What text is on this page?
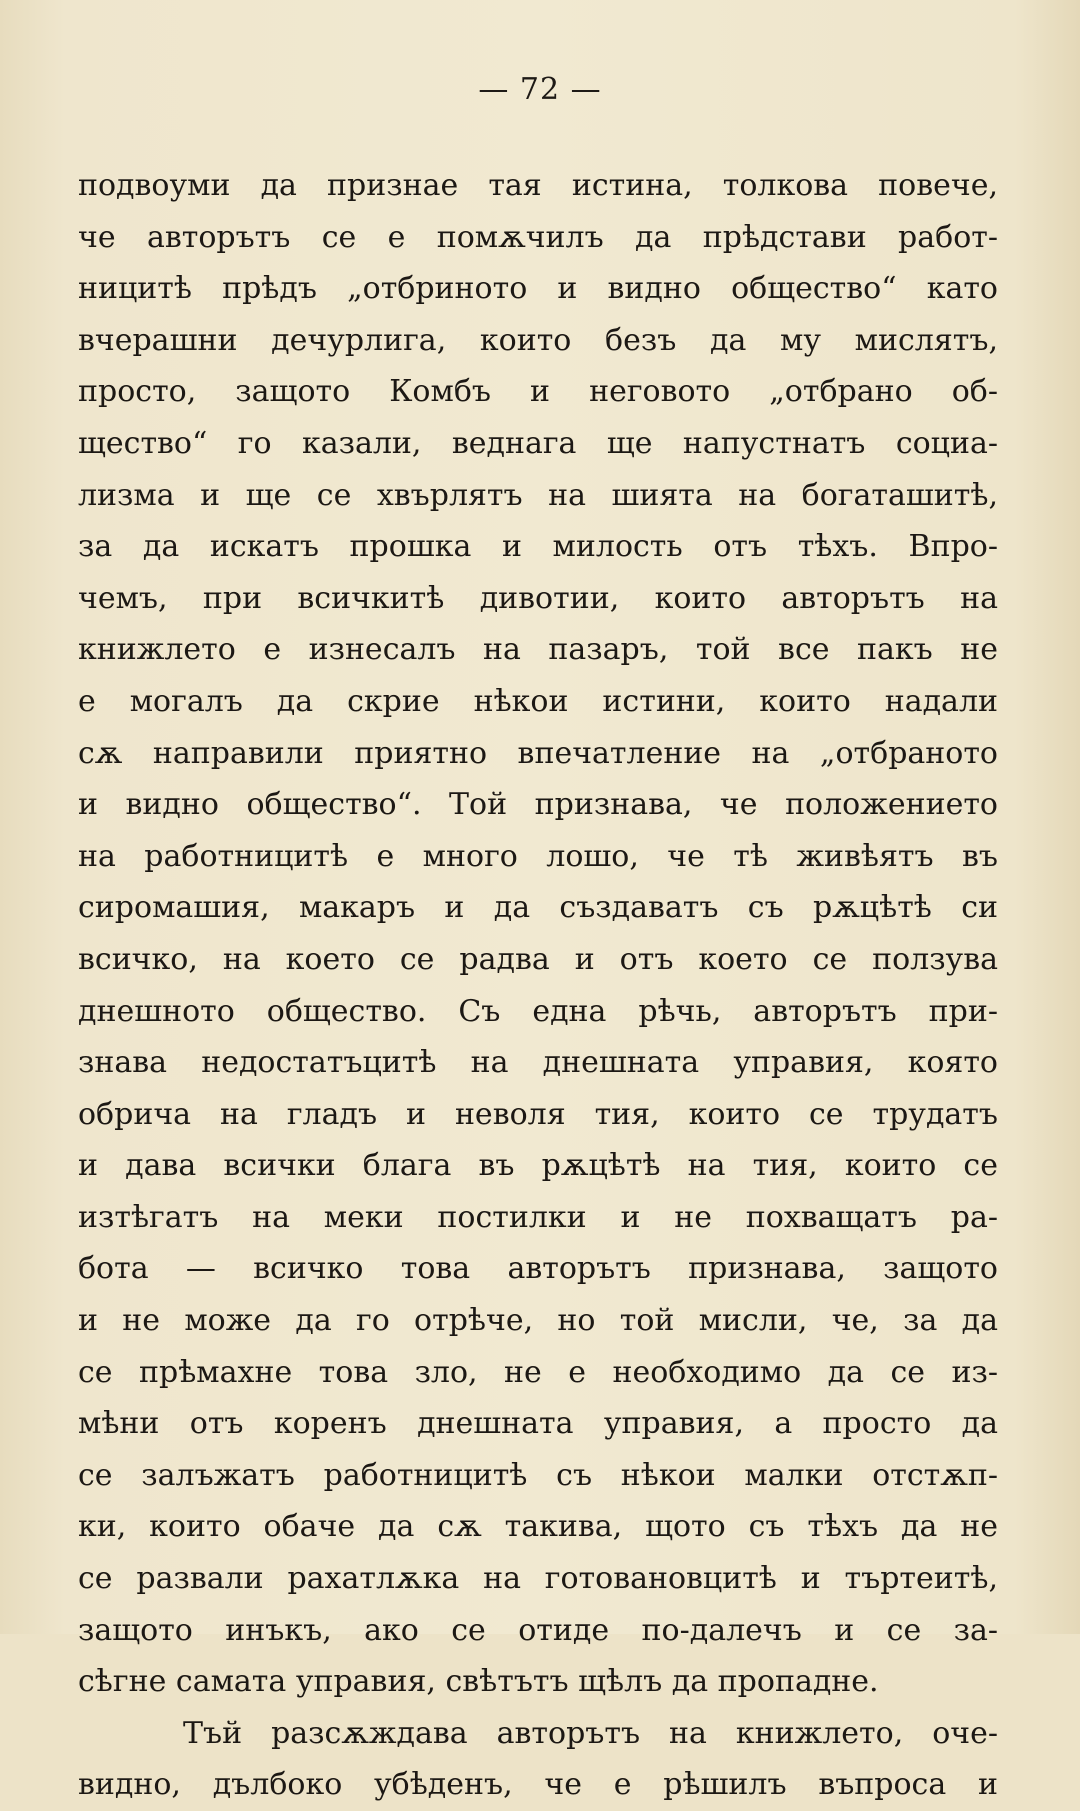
— 72 —
подвоуми да признае тая истина, толкова повече,
че авторътъ се е помѫчилъ да прѣдстави работ-
ницитѣ прѣдъ „отбриното и видно общество“ като
вчерашни дечурлига, които безъ да му мислятъ,
просто, защото Комбъ и неговото „отбрано об-
щество“ го казали, веднага ще напустнатъ социа-
лизма и ще се хвърлятъ на шията на богаташитѣ,
за да искатъ прошка и милость отъ тѣхъ. Впро-
чемъ, при всичкитѣ дивотии, които авторътъ на
книжлето е изнесалъ на пазаръ, той все пакъ не
е могалъ да скрие нѣкои истини, които надали
сѫ направили приятно впечатление на „отбраното
и видно общество“. Той признава, че положението
на работницитѣ е много лошо, че тѣ живѣятъ въ
сиромашия, макаръ и да създаватъ съ рѫцѣтѣ си
всичко, на което се радва и отъ което се ползува
днешното общество. Съ една рѣчь, авторътъ при-
знава недостатъцитѣ на днешната управия, която
обрича на гладъ и неволя тия, които се трудатъ
и дава всички блага въ рѫцѣтѣ на тия, които се
изтѣгатъ на меки постилки и не похващатъ ра-
бота — всичко това авторътъ признава, защото
и не може да го отрѣче, но той мисли, че, за да
се прѣмахне това зло, не е необходимо да се из-
мѣни отъ коренъ днешната управия, а просто да
се залъжатъ работницитѣ съ нѣкои малки отстѫп-
ки, които обаче да сѫ такива, щото съ тѣхъ да не
се развали рахатлѫка на готовановцитѣ и търтеитѣ,
защото инъкъ, ако се отиде по-далечъ и се за-
сѣгне самата управия, свѣтътъ щѣлъ да пропадне.
Тъй разсѫждава авторътъ на книжлето, оче-
видно, дълбоко убѣденъ, че е рѣшилъ въпроса и
